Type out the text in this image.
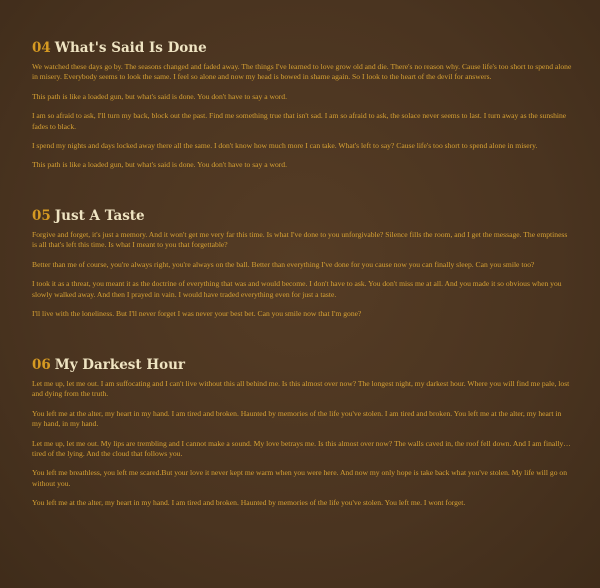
04 What's Said Is Done

We watched these days go by. The seasons changed and faded away. The things I've learned to love grow old and die. There's no reason why. Cause life's too short to spend alone in misery. Everybody seems to look the same. I feel so alone and now my head is bowed in shame again. So I look to the heart of the devil for answers.

This path is like a loaded gun, but what's said is done. You don't have to say a word.

I am so afraid to ask, I'll turn my back, block out the past. Find me something true that isn't sad. I am so afraid to ask, the solace never seems to last. I turn away as the sunshine fades to black.

I spend my nights and days locked away there all the same. I don't know how much more I can take. What's left to say? Cause life's too short to spend alone in misery.

This path is like a loaded gun, but what's said is done. You don't have to say a word.

05 Just A Taste

Forgive and forget, it's just a memory. And it won't get me very far this time. Is what I've done to you unforgivable? Silence fills the room, and I get the message. The emptiness is all that's left this time. Is what I meant to you that forgettable?

Better than me of course, you're always right, you're always on the ball. Better than everything I've done for you cause now you can finally sleep. Can you smile too?

I took it as a threat, you meant it as the doctrine of everything that was and would become. I don't have to ask. You don't miss me at all. And you made it so obvious when you slowly walked away. And then I prayed in vain. I would have traded everything even for just a taste.

I'll live with the loneliness. But I'll never forget I was never your best bet. Can you smile now that I'm gone?

06 My Darkest Hour

Let me up, let me out. I am suffocating and I can't live without this all behind me. Is this almost over now? The longest night, my darkest hour. Where you will find me pale, lost and dying from the truth.

You left me at the alter, my heart in my hand. I am tired and broken. Haunted by memories of the life you've stolen. I am tired and broken. You left me at the alter, my heart in my hand, in my hand.

Let me up, let me out. My lips are trembling and I cannot make a sound. My love betrays me. Is this almost over now? The walls caved in, the roof fell down. And I am finally… tired of the lying. And the cloud that follows you.

You left me breathless, you left me scared.But your love it never kept me warm when you were here. And now my only hope is take back what you've stolen. My life will go on without you.

You left me at the alter, my heart in my hand. I am tired and broken. Haunted by memories of the life you've stolen. You left me. I wont forget.
